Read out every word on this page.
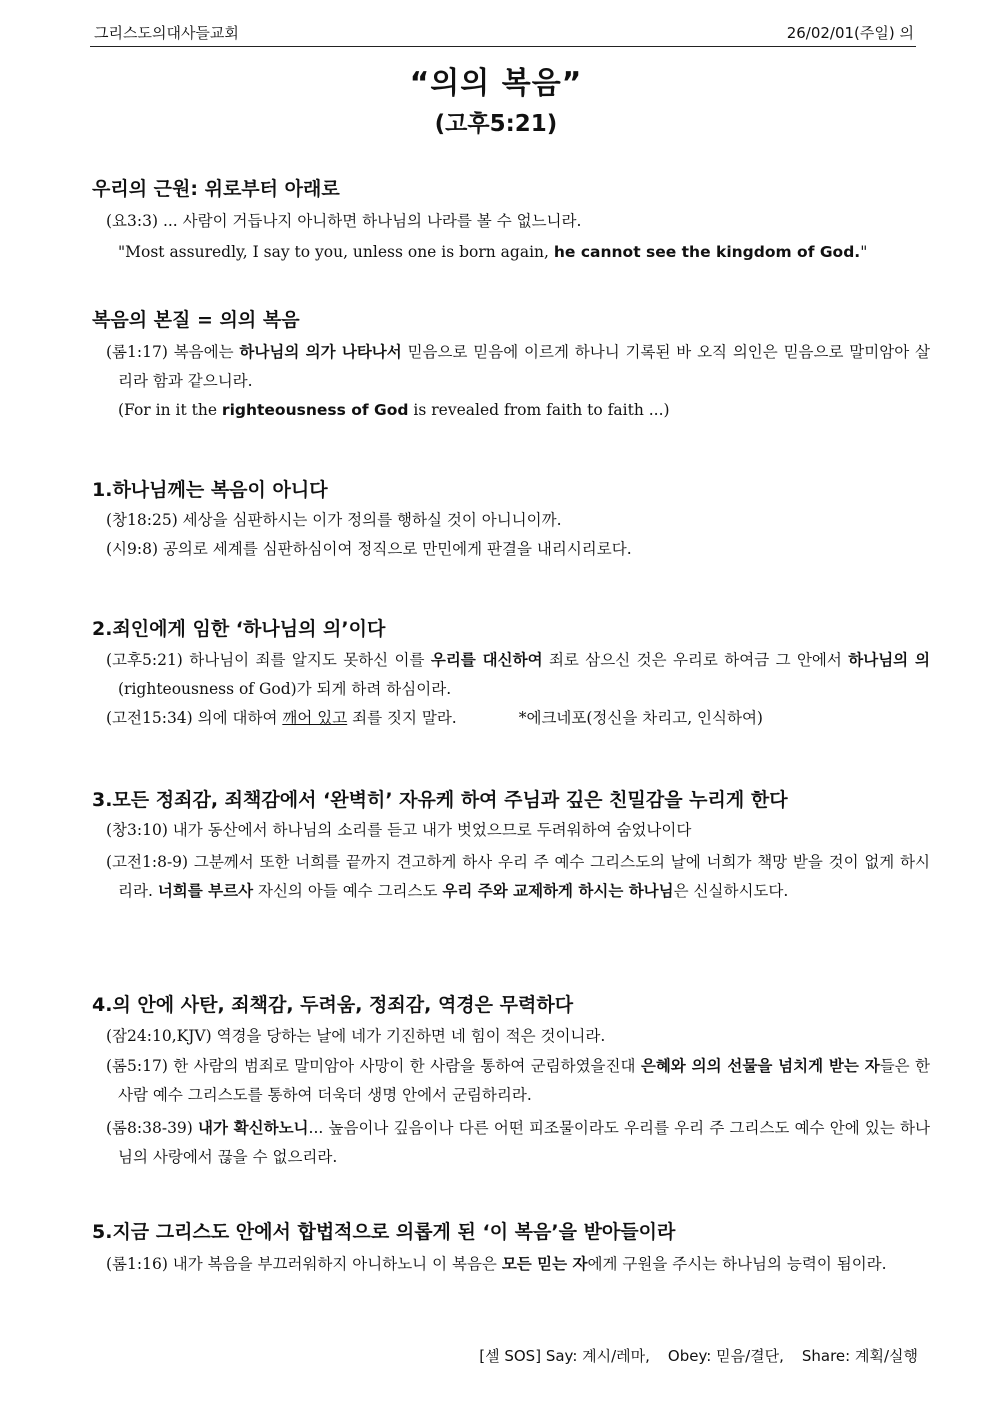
그리스도의대사들교회	26/02/01(주일) 의
“의의 복음”
(고후5:21)
우리의 근원: 위로부터 아래로
(요3:3) ... 사람이 거듭나지 아니하면 하나님의 나라를 볼 수 없느니라.
"Most assuredly, I say to you, unless one is born again, he cannot see the kingdom of God."
복음의 본질 = 의의 복음
(롬1:17) 복음에는 하나님의 의가 나타나서 믿음으로 믿음에 이르게 하나니 기록된 바 오직 의인은 믿음으로 말미암아 살리라 함과 같으니라.
(For in it the righteousness of God is revealed from faith to faith ...)
1.하나님께는 복음이 아니다
(창18:25) 세상을 심판하시는 이가 정의를 행하실 것이 아니니이까.
(시9:8) 공의로 세계를 심판하심이여 정직으로 만민에게 판결을 내리시리로다.
2.죄인에게 임한 ‘하나님의 의’이다
(고후5:21) 하나님이 죄를 알지도 못하신 이를 우리를 대신하여 죄로 삼으신 것은 우리로 하여금 그 안에서 하나님의 의(righteousness of God)가 되게 하려 하심이라.
(고전15:34) 의에 대하여 깨어 있고 죄를 짓지 말라.	*에크네포(정신을 차리고, 인식하여)
3.모든 정죄감, 죄책감에서 ‘완벽히’ 자유케 하여 주님과 깊은 친밀감을 누리게 한다
(창3:10) 내가 동산에서 하나님의 소리를 듣고 내가 벗었으므로 두려워하여 숨었나이다
(고전1:8-9) 그분께서 또한 너희를 끝까지 견고하게 하사 우리 주 예수 그리스도의 날에 너희가 책망 받을 것이 없게 하시리라. 너희를 부르사 자신의 아들 예수 그리스도 우리 주와 교제하게 하시는 하나님은 신실하시도다.
4.의 안에 사탄, 죄책감, 두려움, 정죄감, 역경은 무력하다
(잠24:10,KJV) 역경을 당하는 날에 네가 기진하면 네 힘이 적은 것이니라.
(롬5:17) 한 사람의 범죄로 말미암아 사망이 한 사람을 통하여 군림하였을진대 은혜와 의의 선물을 넘치게 받는 자들은 한 사람 예수 그리스도를 통하여 더욱더 생명 안에서 군림하리라.
(롬8:38-39) 내가 확신하노니... 높음이나 깊음이나 다른 어떤 피조물이라도 우리를 우리 주 그리스도 예수 안에 있는 하나님의 사랑에서 끊을 수 없으리라.
5.지금 그리스도 안에서 합법적으로 의롭게 된 ‘이 복음’을 받아들이라
(롬1:16) 내가 복음을 부끄러워하지 아니하노니 이 복음은 모든 믿는 자에게 구원을 주시는 하나님의 능력이 됨이라.
[셀 SOS] Say: 계시/레마, Obey: 믿음/결단, Share: 계획/실행
